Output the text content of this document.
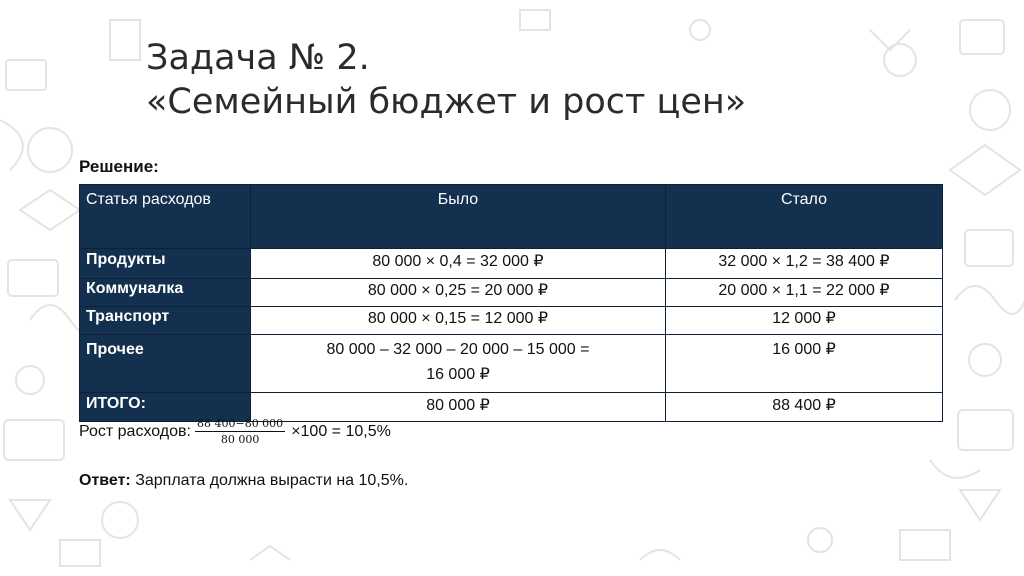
Задача № 2.
«Семейный бюджет и рост цен»
Решение:
Статья расходов	Было	Стало
Продукты	80 000 × 0,4 = 32 000 ₽	32 000 × 1,2 = 38 400 ₽
Коммуналка	80 000 × 0,25 = 20 000 ₽	20 000 × 1,1 = 22 000 ₽
Транспорт	80 000 × 0,15 = 12 000 ₽	12 000 ₽
Прочее	80 000 – 32 000 – 20 000 – 15 000 =
16 000 ₽	16 000 ₽
ИТОГО:	80 000 ₽	88 400 ₽
Рост расходов: $\frac{88 400-80 000}{80 000} \times 100 = 10,5\%$
Ответ: Зарплата должна вырасти на 10,5%.
